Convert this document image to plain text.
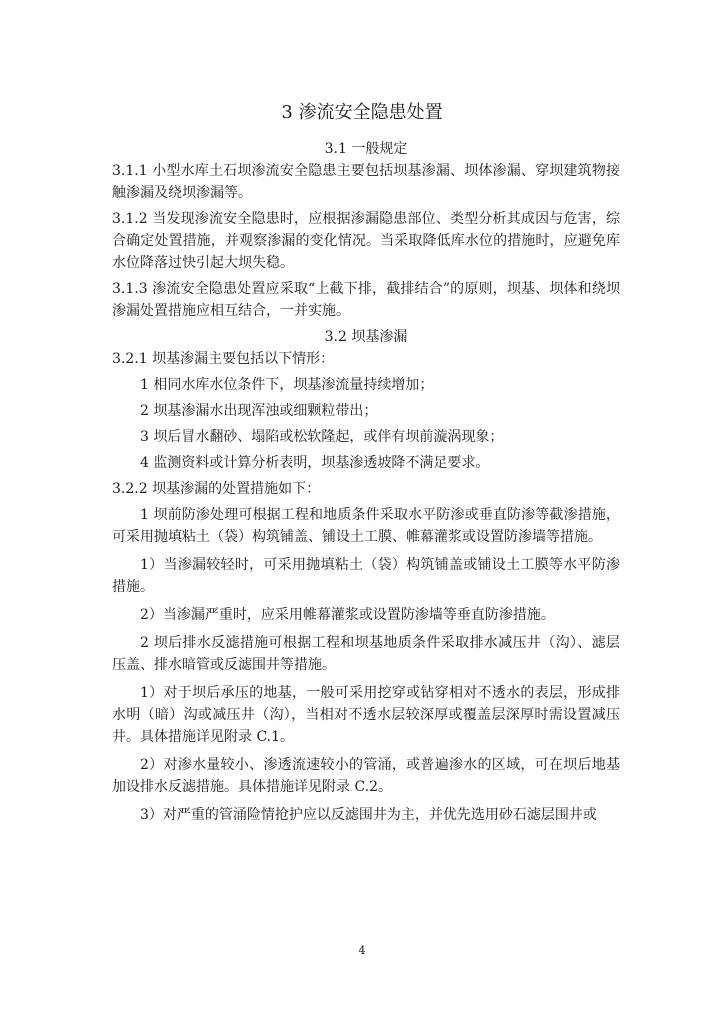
3 渗流安全隐患处置
3.1 一般规定
3.1.1 小型水库土石坝渗流安全隐患主要包括坝基渗漏、坝体渗漏、穿坝建筑物接触渗漏及绕坝渗漏等。
3.1.2 当发现渗流安全隐患时，应根据渗漏隐患部位、类型分析其成因与危害，综合确定处置措施，并观察渗漏的变化情况。当采取降低库水位的措施时，应避免库水位降落过快引起大坝失稳。
3.1.3 渗流安全隐患处置应采取“上截下排，截排结合”的原则，坝基、坝体和绕坝渗漏处置措施应相互结合，一并实施。
3.2 坝基渗漏
3.2.1 坝基渗漏主要包括以下情形：
1 相同水库水位条件下，坝基渗流量持续增加；
2 坝基渗漏水出现浑浊或细颗粒带出；
3 坝后冒水翻砂、塌陷或松软隆起，或伴有坝前漩涡现象；
4 监测资料或计算分析表明，坝基渗透坡降不满足要求。
3.2.2 坝基渗漏的处置措施如下：
1 坝前防渗处理可根据工程和地质条件采取水平防渗或垂直防渗等截渗措施，可采用抛填粘土（袋）构筑铺盖、铺设土工膜、帷幕灌浆或设置防渗墙等措施。
1）当渗漏较轻时，可采用抛填粘土（袋）构筑铺盖或铺设土工膜等水平防渗措施。
2）当渗漏严重时，应采用帷幕灌浆或设置防渗墙等垂直防渗措施。
2 坝后排水反滤措施可根据工程和坝基地质条件采取排水减压井（沟）、滤层压盖、排水暗管或反滤围井等措施。
1）对于坝后承压的地基，一般可采用挖穿或钻穿相对不透水的表层，形成排水明（暗）沟或减压井（沟），当相对不透水层较深厚或覆盖层深厚时需设置减压井。具体措施详见附录 C.1。
2）对渗水量较小、渗透流速较小的管涌，或普遍渗水的区域，可在坝后地基加设排水反滤措施。具体措施详见附录 C.2。
3）对严重的管涌险情抢护应以反滤围井为主，并优先选用砂石滤层围井或
4
